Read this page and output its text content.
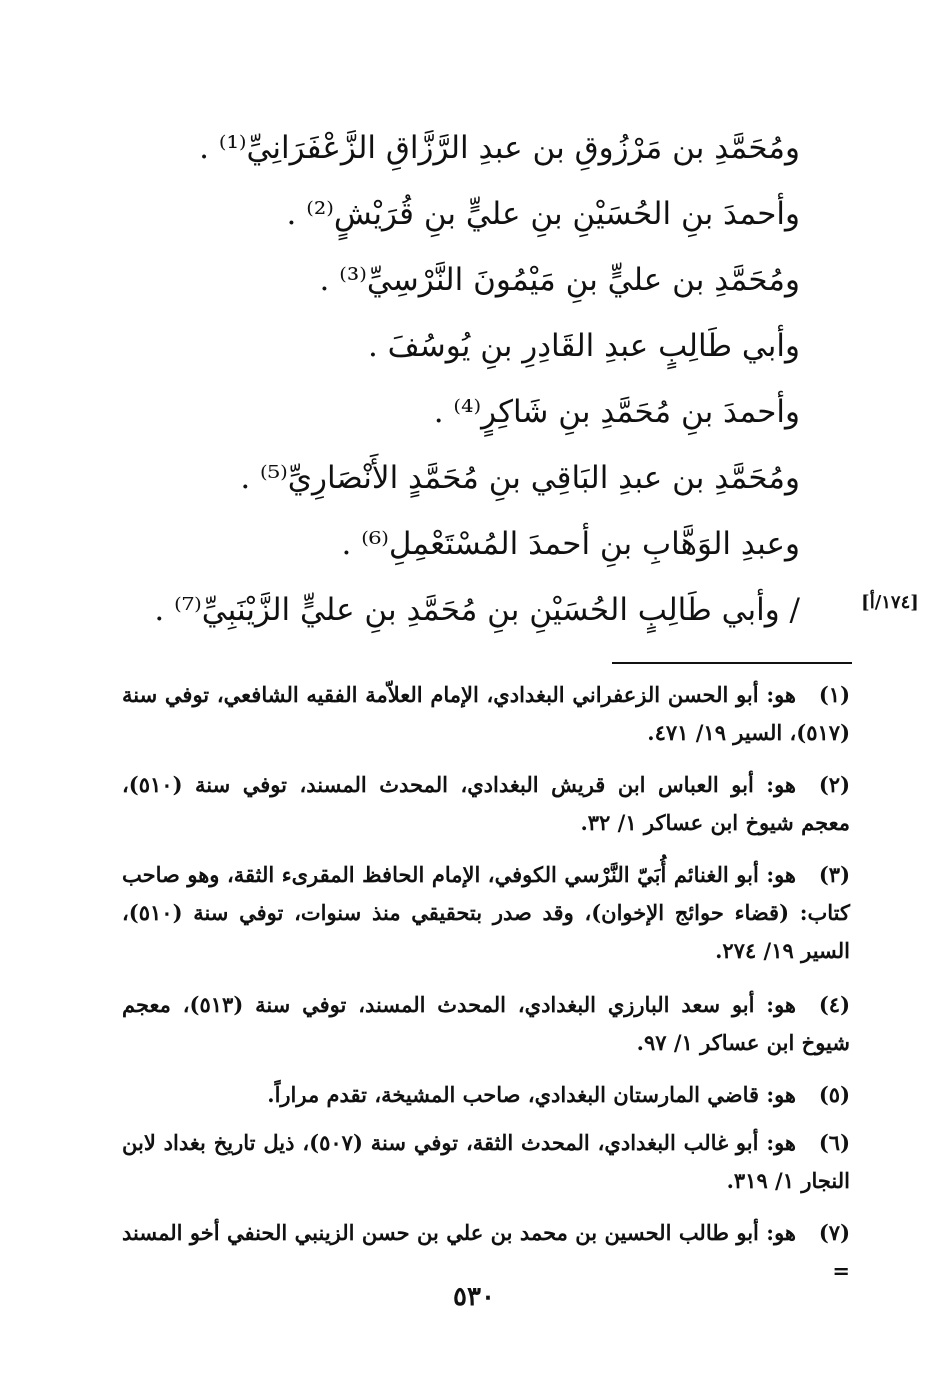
ومُحَمَّدِ بن مَرْزُوقِ بن عبدِ الرَّزَّاقِ الزَّعْفَرَانِيِّ⁽¹⁾ .
وأحمدَ بنِ الحُسَيْنِ بنِ عليٍّ بنِ قُرَيْشٍ⁽²⁾ .
ومُحَمَّدِ بن عليٍّ بنِ مَيْمُونَ النَّرْسِيِّ⁽³⁾ .
وأبي طَالِبٍ عبدِ القَادِرِ بنِ يُوسُفَ .
وأحمدَ بنِ مُحَمَّدِ بنِ شَاكِرٍ⁽⁴⁾ .
ومُحَمَّدِ بن عبدِ البَاقِي بنِ مُحَمَّدٍ الأَنْصَارِيِّ⁽⁵⁾ .
وعبدِ الوَهَّابِ بنِ أحمدَ المُسْتَعْمِلِ⁽⁶⁾ .
/ وأبي طَالِبٍ الحُسَيْنِ بنِ مُحَمَّدِ بنِ عليٍّ الزَّيْنَبِيِّ⁽⁷⁾ .	[١٧٤/أ]
(١)هو: أبو الحسن الزعفراني البغدادي، الإمام العلاّمة الفقيه الشافعي، توفي سنة (٥١٧)، السير ١٩/ ٤٧١.
(٢)هو: أبو العباس ابن قريش البغدادي، المحدث المسند، توفي سنة (٥١٠)، معجم شيوخ ابن عساكر ١/ ٣٢.
(٣)هو: أبو الغنائم أُبَيّ النَّرْسي الكوفي، الإمام الحافظ المقرىء الثقة، وهو صاحب كتاب: (قضاء حوائج الإخوان)، وقد صدر بتحقيقي منذ سنوات، توفي سنة (٥١٠)، السير ١٩/ ٢٧٤.
(٤)هو: أبو سعد البارزي البغدادي، المحدث المسند، توفي سنة (٥١٣)، معجم شيوخ ابن عساكر ١/ ٩٧.
(٥)هو: قاضي المارستان البغدادي، صاحب المشيخة، تقدم مراراً.
(٦)هو: أبو غالب البغدادي، المحدث الثقة، توفي سنة (٥٠٧)، ذيل تاريخ بغداد لابن النجار ١/ ٣١٩.
(٧)هو: أبو طالب الحسين بن محمد بن علي بن حسن الزينبي الحنفي أخو المسند =
٥٣٠
